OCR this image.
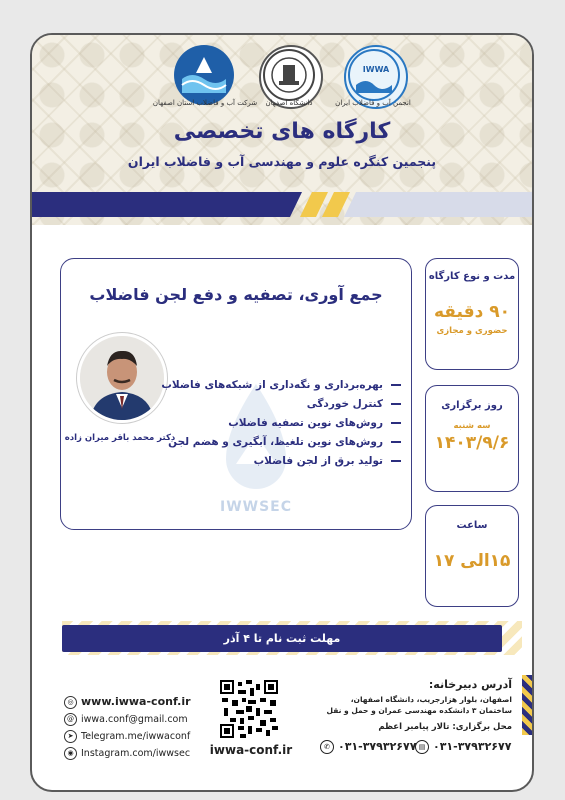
شرکت آب و فاضلاب استان اصفهان	دانشگاه اصفهان
IWWA
انجمن آب و فاضلاب ایران
کارگاه های تخصصی
پنجمین کنگره علوم و مهندسی آب و فاضلاب ایران
جمع آوری، تصفیه و دفع لجن فاضلاب
IWWSEC
دکتر محمد باقر میران زاده
بهره‌برداری و نگه‌داری از شبکه‌های فاضلاب
کنترل خوردگی
روش‌های نوین تصفیه فاضلاب
روش‌های نوین تلغیظ، آبگیری و هضم لجن
تولید برق از لجن فاضلاب
مدت و نوع کارگاه
۹۰ دقیقه
حضوری و مجازی
روز برگزاری
سه شنبه
۱۴۰۳/۹/۶
ساعت
۱۵الی ۱۷
مهلت ثبت نام تا ۴ آذر
◎ www.iwwa-conf.ir
@ iwwa.conf@gmail.com
➤ Telegram.me/iwwaconf
◉ Instagram.com/iwwsec	iwwa-conf.ir
آدرس دبیرخانه:
اصفهان، بلوار هزارجریب، دانشگاه اصفهان،
ساختمان ۳ دانشکده مهندسی عمران و حمل و نقل
محل برگزاری: تالار پیامبر اعظم
✆ ۰۳۱-۳۷۹۳۲۶۷۷ ▤ ۰۳۱-۳۷۹۳۲۶۷۷
